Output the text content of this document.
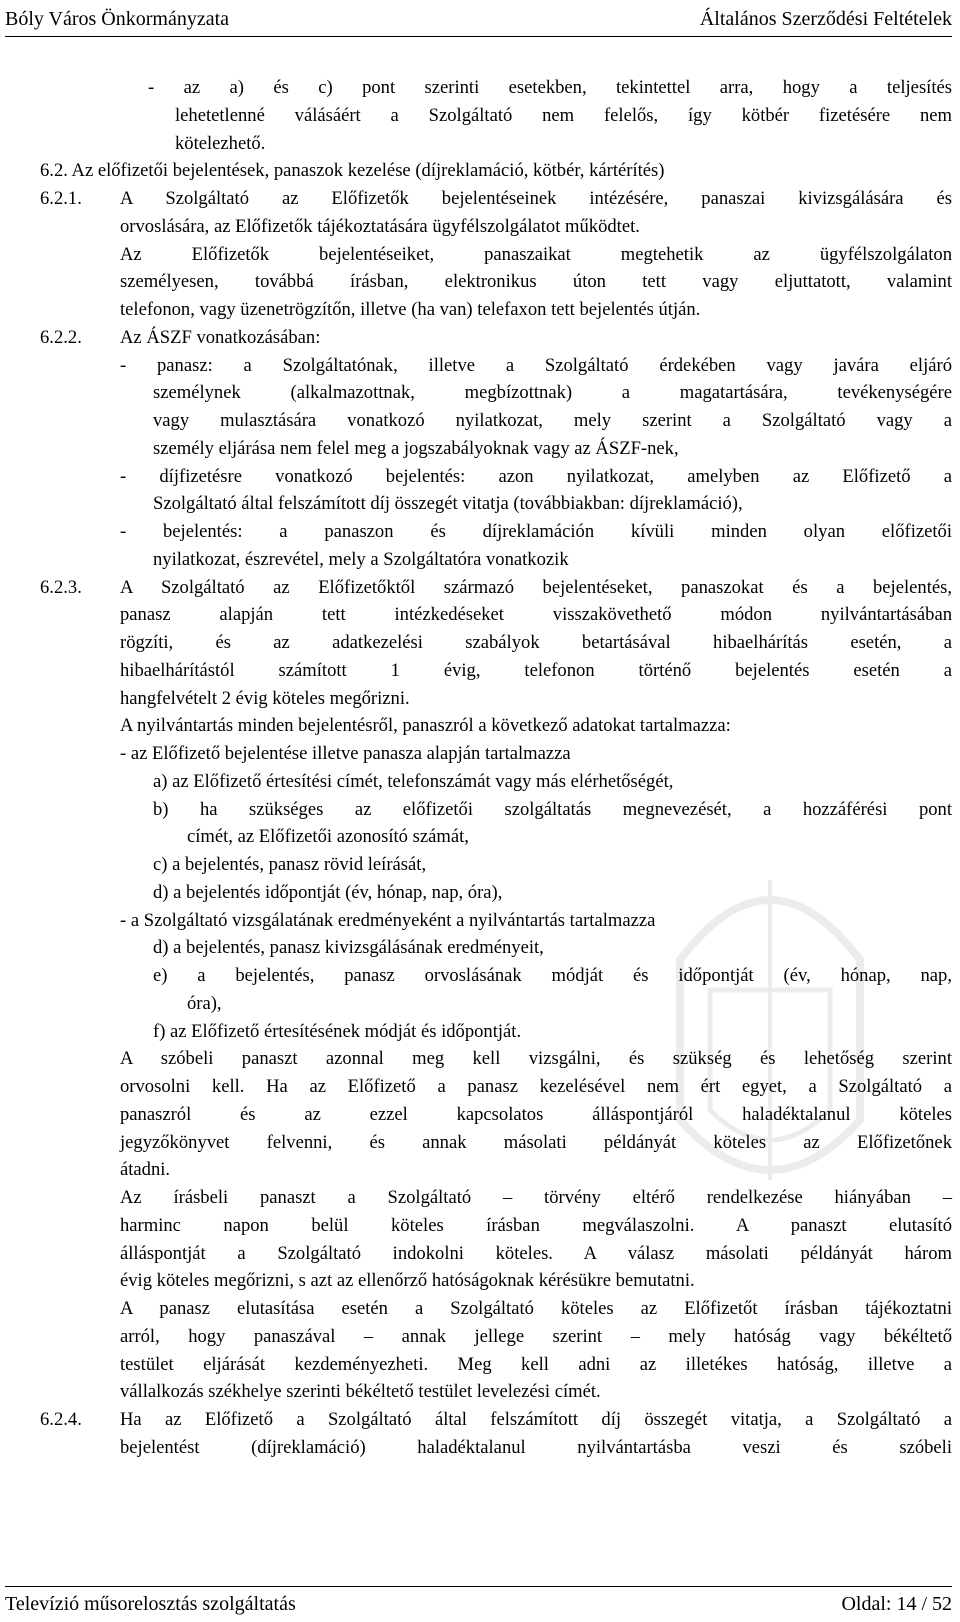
Bóly Város Önkormányzata	Általános Szerződési Feltételek
- az a) és c) pont szerinti esetekben, tekintettel arra, hogy a teljesítés
lehetetlenné válásáért a Szolgáltató nem felelős, így kötbér fizetésére nem
kötelezhető.
6.2. Az előfizetői bejelentések, panaszok kezelése (díjreklamáció, kötbér, kártérítés)
6.2.1. A Szolgáltató az Előfizetők bejelentéseinek intézésére, panaszai kivizsgálására és
orvoslására, az Előfizetők tájékoztatására ügyfélszolgálatot működtet.
Az Előfizetők bejelentéseiket, panaszaikat megtehetik az ügyfélszolgálaton
személyesen, továbbá írásban, elektronikus úton tett vagy eljuttatott, valamint
telefonon, vagy üzenetrögzítőn, illetve (ha van) telefaxon tett bejelentés útján.
6.2.2. Az ÁSZF vonatkozásában:
- panasz: a Szolgáltatónak, illetve a Szolgáltató érdekében vagy javára eljáró
személynek (alkalmazottnak, megbízottnak) a magatartására, tevékenységére
vagy mulasztására vonatkozó nyilatkozat, mely szerint a Szolgáltató vagy a
személy eljárása nem felel meg a jogszabályoknak vagy az ÁSZF-nek,
- díjfizetésre vonatkozó bejelentés: azon nyilatkozat, amelyben az Előfizető a
Szolgáltató által felszámított díj összegét vitatja (továbbiakban: díjreklamáció),
- bejelentés: a panaszon és díjreklamáción kívüli minden olyan előfizetői
nyilatkozat, észrevétel, mely a Szolgáltatóra vonatkozik
6.2.3. A Szolgáltató az Előfizetőktől származó bejelentéseket, panaszokat és a bejelentés,
panasz alapján tett intézkedéseket visszakövethető módon nyilvántartásában
rögzíti, és az adatkezelési szabályok betartásával hibaelhárítás esetén, a
hibaelhárítástól számított 1 évig, telefonon történő bejelentés esetén a
hangfelvételt 2 évig köteles megőrizni.
A nyilvántartás minden bejelentésről, panaszról a következő adatokat tartalmazza:
- az Előfizető bejelentése illetve panasza alapján tartalmazza
a) az Előfizető értesítési címét, telefonszámát vagy más elérhetőségét,
b) ha szükséges az előfizetői szolgáltatás megnevezését, a hozzáférési pont
címét, az Előfizetői azonosító számát,
c) a bejelentés, panasz rövid leírását,
d) a bejelentés időpontját (év, hónap, nap, óra),
- a Szolgáltató vizsgálatának eredményeként a nyilvántartás tartalmazza
d) a bejelentés, panasz kivizsgálásának eredményeit,
e) a bejelentés, panasz orvoslásának módját és időpontját (év, hónap, nap,
óra),
f) az Előfizető értesítésének módját és időpontját.
A szóbeli panaszt azonnal meg kell vizsgálni, és szükség és lehetőség szerint
orvosolni kell. Ha az Előfizető a panasz kezelésével nem ért egyet, a Szolgáltató a
panaszról és az ezzel kapcsolatos álláspontjáról haladéktalanul köteles
jegyzőkönyvet felvenni, és annak másolati példányát köteles az Előfizetőnek
átadni.
Az írásbeli panaszt a Szolgáltató – törvény eltérő rendelkezése hiányában –
harminc napon belül köteles írásban megválaszolni. A panaszt elutasító
álláspontját a Szolgáltató indokolni köteles. A válasz másolati példányát három
évig köteles megőrizni, s azt az ellenőrző hatóságoknak kérésükre bemutatni.
A panasz elutasítása esetén a Szolgáltató köteles az Előfizetőt írásban tájékoztatni
arról, hogy panaszával – annak jellege szerint – mely hatóság vagy békéltető
testület eljárását kezdeményezheti. Meg kell adni az illetékes hatóság, illetve a
vállalkozás székhelye szerinti békéltető testület levelezési címét.
6.2.4. Ha az Előfizető a Szolgáltató által felszámított díj összegét vitatja, a Szolgáltató a
bejelentést (díjreklamáció) haladéktalanul nyilvántartásba veszi és szóbeli
Televízió műsorelosztás szolgáltatás	Oldal: 14 / 52
